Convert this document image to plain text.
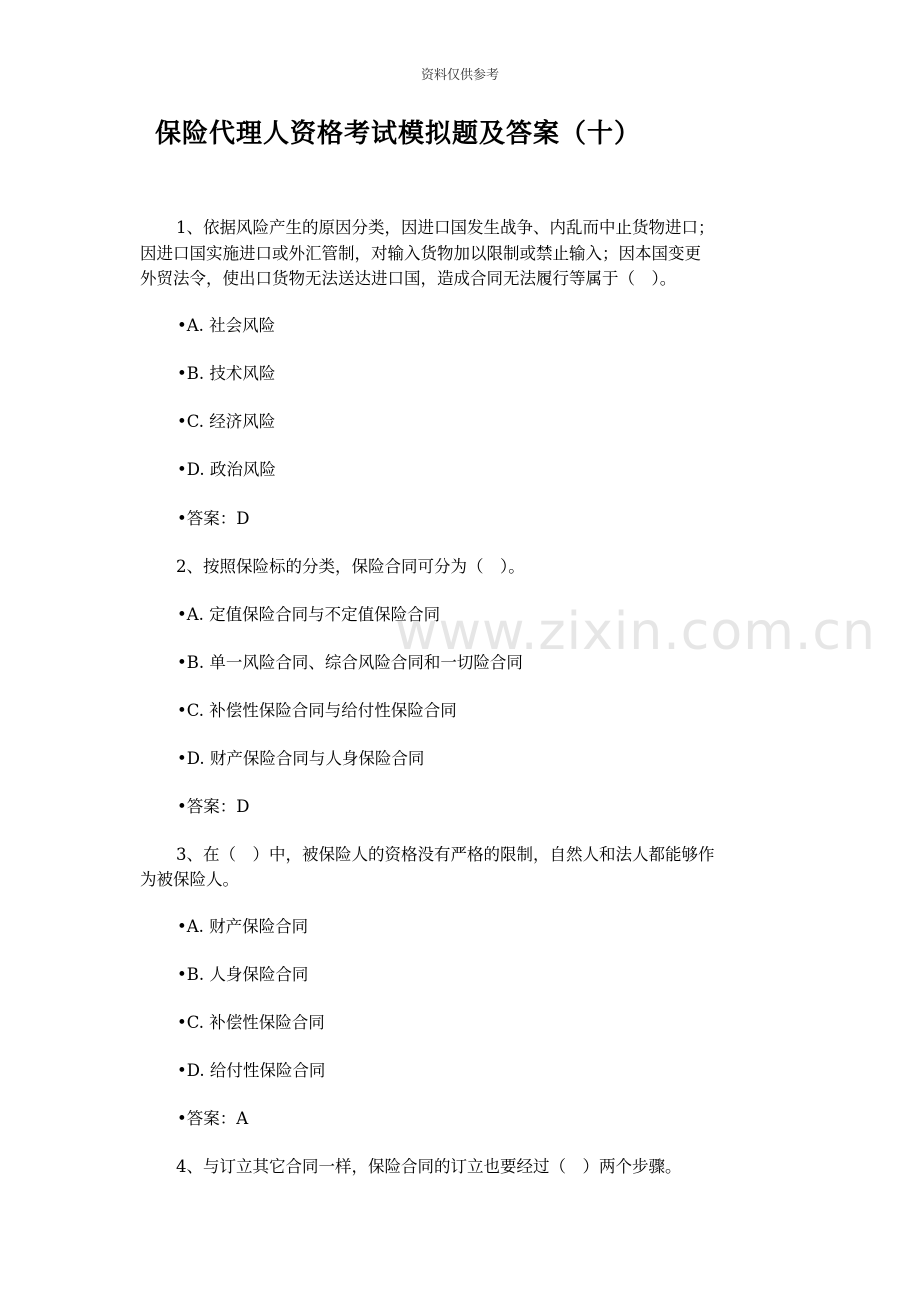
资料仅供参考
保险代理人资格考试模拟题及答案（十）
www.zixin.com.cn
1、依据风险产生的原因分类，因进口国发生战争、内乱而中止货物进口；
因进口国实施进口或外汇管制，对输入货物加以限制或禁止输入；因本国变更
外贸法令，使出口货物无法送达进口国，造成合同无法履行等属于（　）。
•A. 社会风险
•B. 技术风险
•C. 经济风险
•D. 政治风险
•答案：D
2、按照保险标的分类，保险合同可分为（　）。
•A. 定值保险合同与不定值保险合同
•B. 单一风险合同、综合风险合同和一切险合同
•C. 补偿性保险合同与给付性保险合同
•D. 财产保险合同与人身保险合同
•答案：D
3、在（　）中，被保险人的资格没有严格的限制，自然人和法人都能够作
为被保险人。
•A. 财产保险合同
•B. 人身保险合同
•C. 补偿性保险合同
•D. 给付性保险合同
•答案：A
4、与订立其它合同一样，保险合同的订立也要经过（　）两个步骤。
